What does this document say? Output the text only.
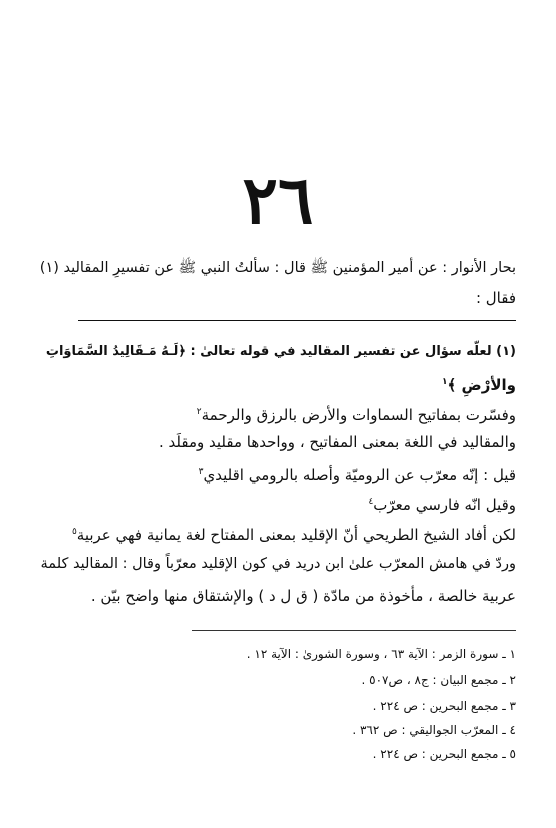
٢٦
بحار الأنوار : عن أمير المؤمنين ﷺ قال : سألتُ النبي ﷺ عن تفسيرِ المقاليد (١)
فقال :
(١) لعلّه سؤال عن تفسير المقاليد في قوله تعالىٰ : ﴿لَـهُ مَـقَالِيدُ السَّمَاوَاتِ
والأرْضِ ﴾$^١$
وفسّرت بمفاتيح السماوات والأرض بالرزق والرحمة$^٢$
والمقاليد في اللغة بمعنى المفاتيح ، وواحدها مقليد ومقلَد .
قيل : إنّه معرّب عن الروميّة وأصله بالرومي اقليدي$^٣$
وقيل انّه فارسي معرّب$^٤$
لكن أفاد الشيخ الطريحي أنّ الإقليد بمعنى المفتاح لغة يمانية فهي عربية$^٥$
وردّ في هامش المعرّب علىٰ ابن دريد في كون الإقليد معرّباً وقال : المقاليد كلمة
عربية خالصة ، مأخوذة من مادّة ( ق ل د ) والإشتقاق منها واضح بيّن .
١ ـ سورة الزمر : الآية ٦٣ ، وسورة الشورىٰ : الآية ١٢ .
٢ ـ مجمع البيان : ج٨ ، ص٥٠٧ .
٣ ـ مجمع البحرين : ص ٢٢٤ .
٤ ـ المعرّب الجواليقي : ص ٣٦٢ .
٥ ـ مجمع البحرين : ص ٢٢٤ .
